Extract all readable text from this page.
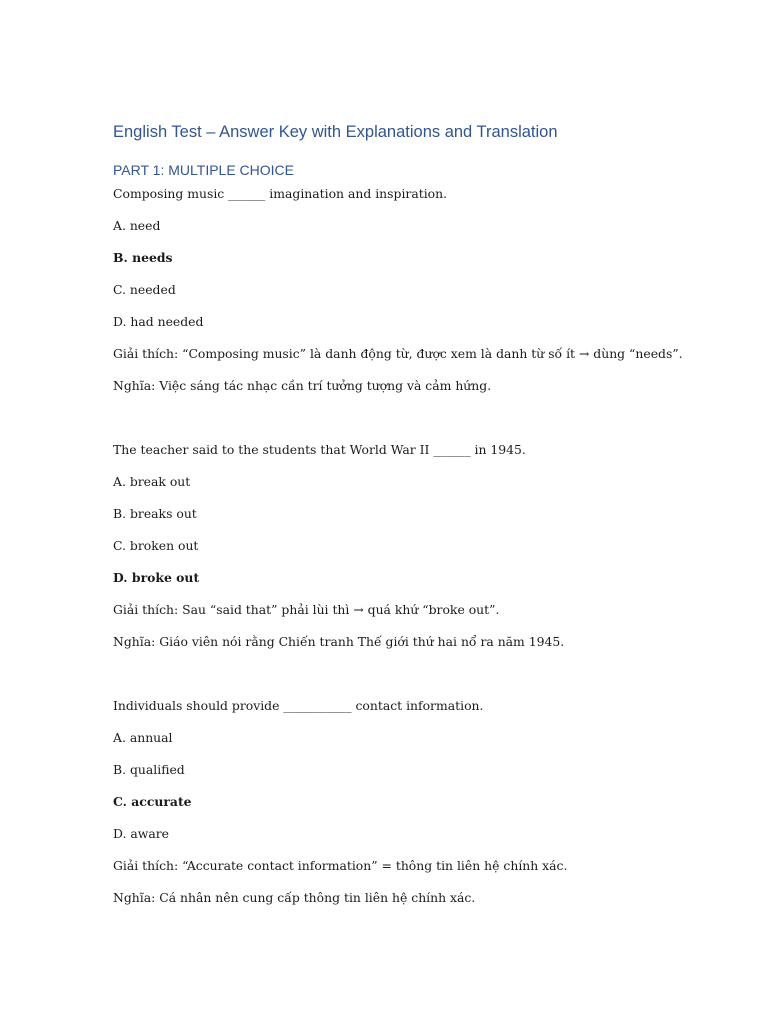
English Test – Answer Key with Explanations and Translation
PART 1: MULTIPLE CHOICE

Composing music ______ imagination and inspiration.

A. need

B. needs

C. needed

D. had needed

Giải thích: “Composing music” là danh động từ, được xem là danh từ số ít → dùng “needs”.

Nghĩa: Việc sáng tác nhạc cần trí tưởng tượng và cảm hứng.

The teacher said to the students that World War II ______ in 1945.

A. break out

B. breaks out

C. broken out

D. broke out

Giải thích: Sau “said that” phải lùi thì → quá khứ “broke out”.

Nghĩa: Giáo viên nói rằng Chiến tranh Thế giới thứ hai nổ ra năm 1945.

Individuals should provide ___________ contact information.

A. annual

B. qualified

C. accurate

D. aware

Giải thích: “Accurate contact information” = thông tin liên hệ chính xác.

Nghĩa: Cá nhân nên cung cấp thông tin liên hệ chính xác.
